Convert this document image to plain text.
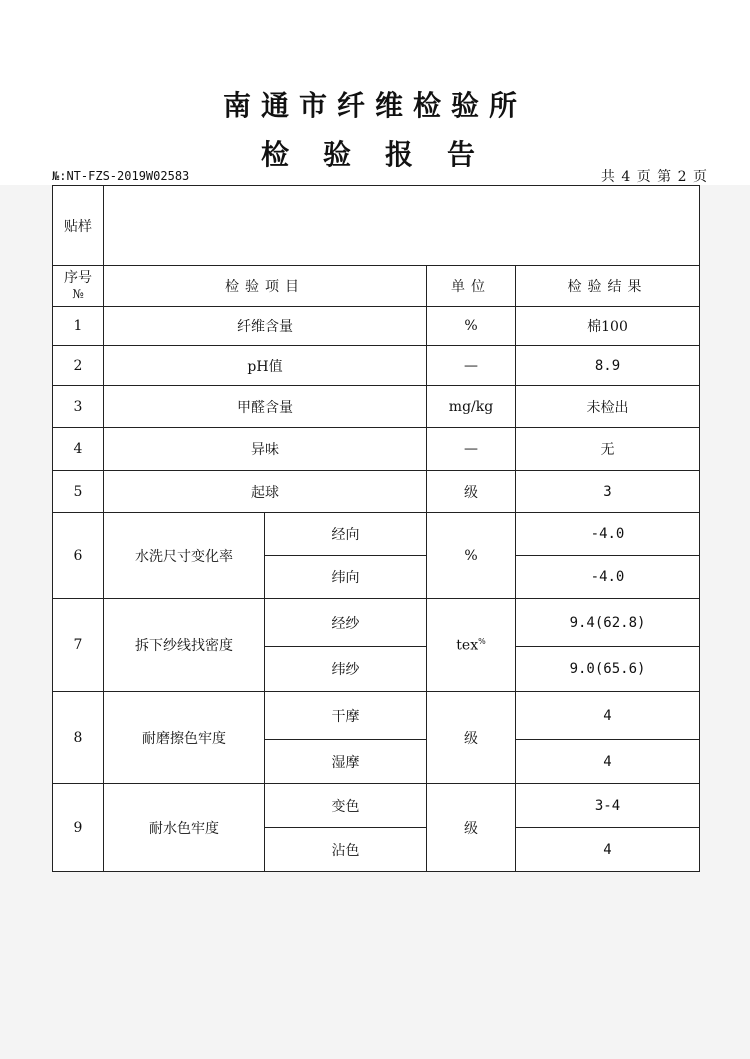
南通市纤维检验所
检验报告
№:NT-FZS-2019W02583	共 4 页 第 2 页
贴样				

序号
№	检验项目		单位	检验结果
1	纤维含量		%	棉100
2	pH值		—	8.9
3	甲醛含量		mg/kg	未检出
4	异味		—	无
5	起球		级	3
6	水洗尺寸变化率	经向	%	-4.0
		纬向		-4.0
7	拆下纱线找密度	经纱	tex%	9.4(62.8)
		纬纱		9.0(65.6)
8	耐磨擦色牢度	干摩	级	4
		湿摩		4
9	耐水色牢度	变色	级	3-4
		沾色		4
